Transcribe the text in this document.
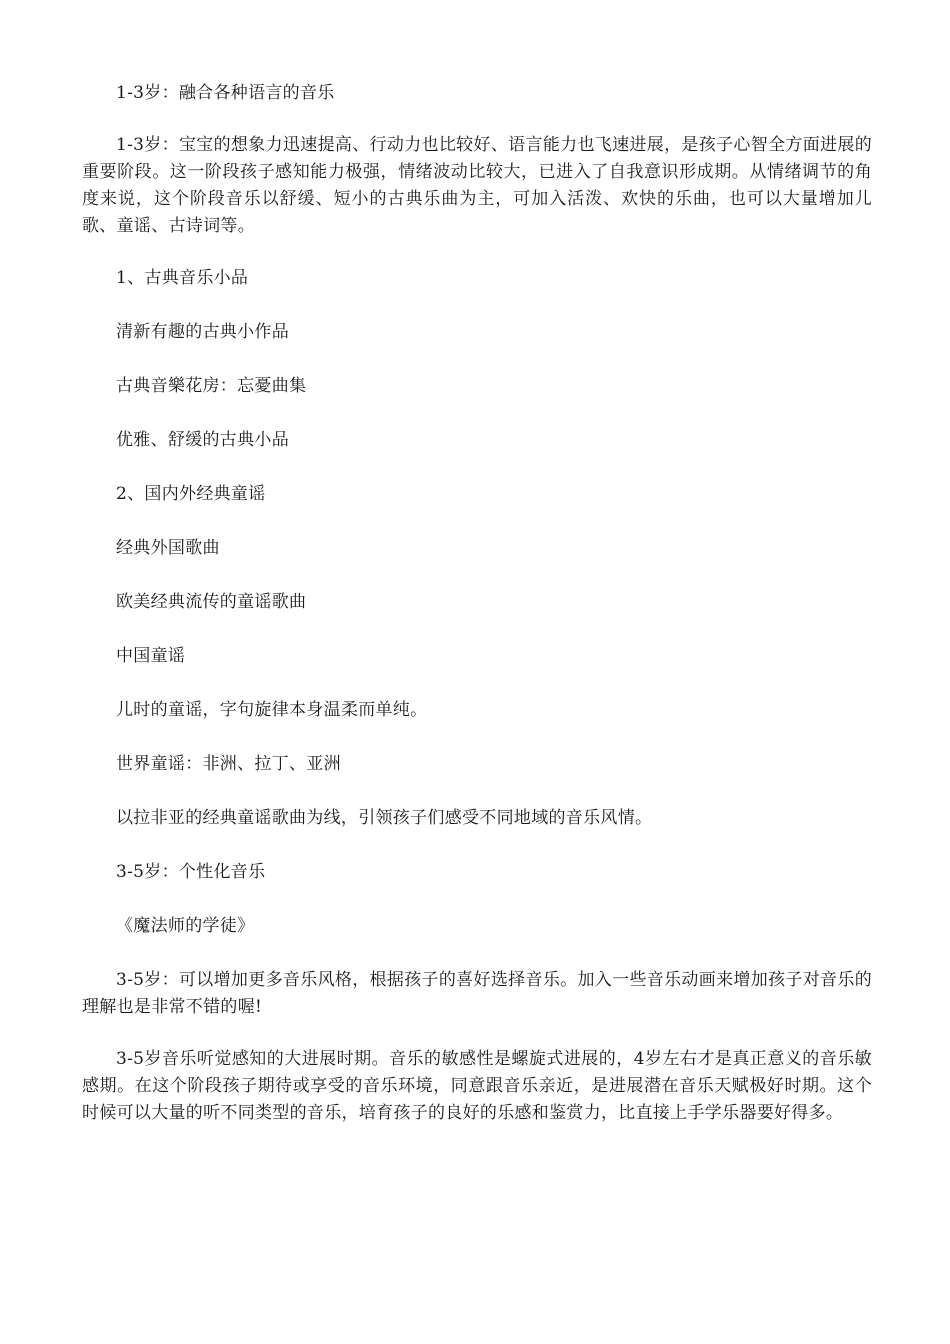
1-3岁：融合各种语言的音乐

1-3岁：宝宝的想象力迅速提高、行动力也比较好、语言能力也飞速进展，是孩子心智全方面进展的重要阶段。这一阶段孩子感知能力极强，情绪波动比较大，已进入了自我意识形成期。从情绪调节的角度来说，这个阶段音乐以舒缓、短小的古典乐曲为主，可加入活泼、欢快的乐曲，也可以大量增加儿歌、童谣、古诗词等。

1、古典音乐小品

清新有趣的古典小作品

古典音樂花房：忘憂曲集

优雅、舒缓的古典小品

2、国内外经典童谣

经典外国歌曲

欧美经典流传的童谣歌曲

中国童谣

儿时的童谣，字句旋律本身温柔而单纯。

世界童谣：非洲、拉丁、亚洲

以拉非亚的经典童谣歌曲为线，引领孩子们感受不同地域的音乐风情。

3-5岁：个性化音乐

《魔法师的学徒》

3-5岁：可以增加更多音乐风格，根据孩子的喜好选择音乐。加入一些音乐动画来增加孩子对音乐的理解也是非常不错的喔!

3-5岁音乐听觉感知的大进展时期。音乐的敏感性是螺旋式进展的，4岁左右才是真正意义的音乐敏感期。在这个阶段孩子期待或享受的音乐环境，同意跟音乐亲近，是进展潜在音乐天赋极好时期。这个时候可以大量的听不同类型的音乐，培育孩子的良好的乐感和鉴赏力，比直接上手学乐器要好得多。
